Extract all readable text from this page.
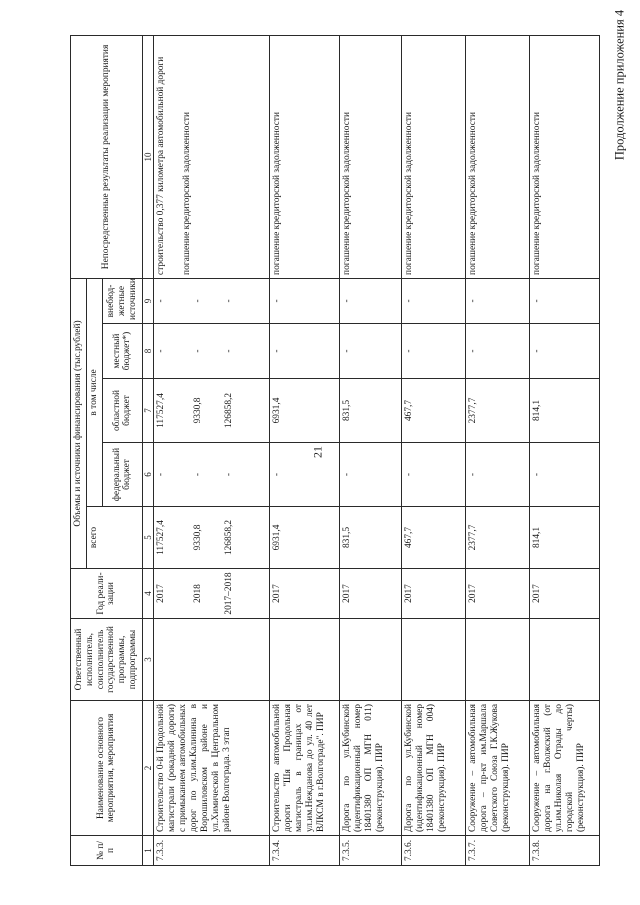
21
Продолжение приложения 4
№ п/п	Наименование основного мероприятия, мероприятия	Ответственный исполнитель, соисполнитель государственной программы, подпрограммы	Год реали-зации	Объемы и источники финансирования (тыс.рублей)					Непосредственные результаты реализации мероприятия
				всего	в том числе				
					федеральный бюджет	областной бюджет	местный бюджет*)	внебюд-жетные источники	
1	2	3	4	5	6	7	8	9	10
7.3.3.	Строительство 0-й Продольной магистрали (рокадной дороги) с примыканием автомобильных дорог по ул.им.Калинина в Ворошиловском районе и ул.Химической в Центральном районе Волгограда. 3 этап		2017 2018 2017–2018	117527,4 9330,8 126858,2	- - -	117527,4 9330,8 126858,2	- - -	- - -	строительство 0,377 километра автомобильной дороги погашение кредиторской задолженности

7.3.4.	Строительство автомобильной дороги "Шя Продольная магистраль в границах от ул.им.Нежданова до ул. 40 лет ВЛКСМ в г.Волгограде". ПИР		2017	6931,4	-	6931,4	-	-	погашение кредиторской задолженности
7.3.5.	Дорога по ул.Кубинской (идентификационный номер 18401380 ОП МГН 011) (реконструкция). ПИР		2017	831,5	-	831,5	-	-	погашение кредиторской задолженности
7.3.6.	Дорога по ул.Кубинской (идентификационный номер 18401380 ОП МГН 004) (реконструкция). ПИР		2017	467,7	-	467,7	-	-	погашение кредиторской задолженности
7.3.7.	Сооружение – автомобильная дорога – пр-кт им.Маршала Советского Союза Г.К.Жукова (реконструкция). ПИР		2017	2377,7	-	2377,7	-	-	погашение кредиторской задолженности
7.3.8.	Сооружение – автомобильная дорога на г.Волжский (от ул.им.Николая Отрады до городской черты) (реконструкция). ПИР		2017	814,1	-	814,1	-	-	погашение кредиторской задолженности
